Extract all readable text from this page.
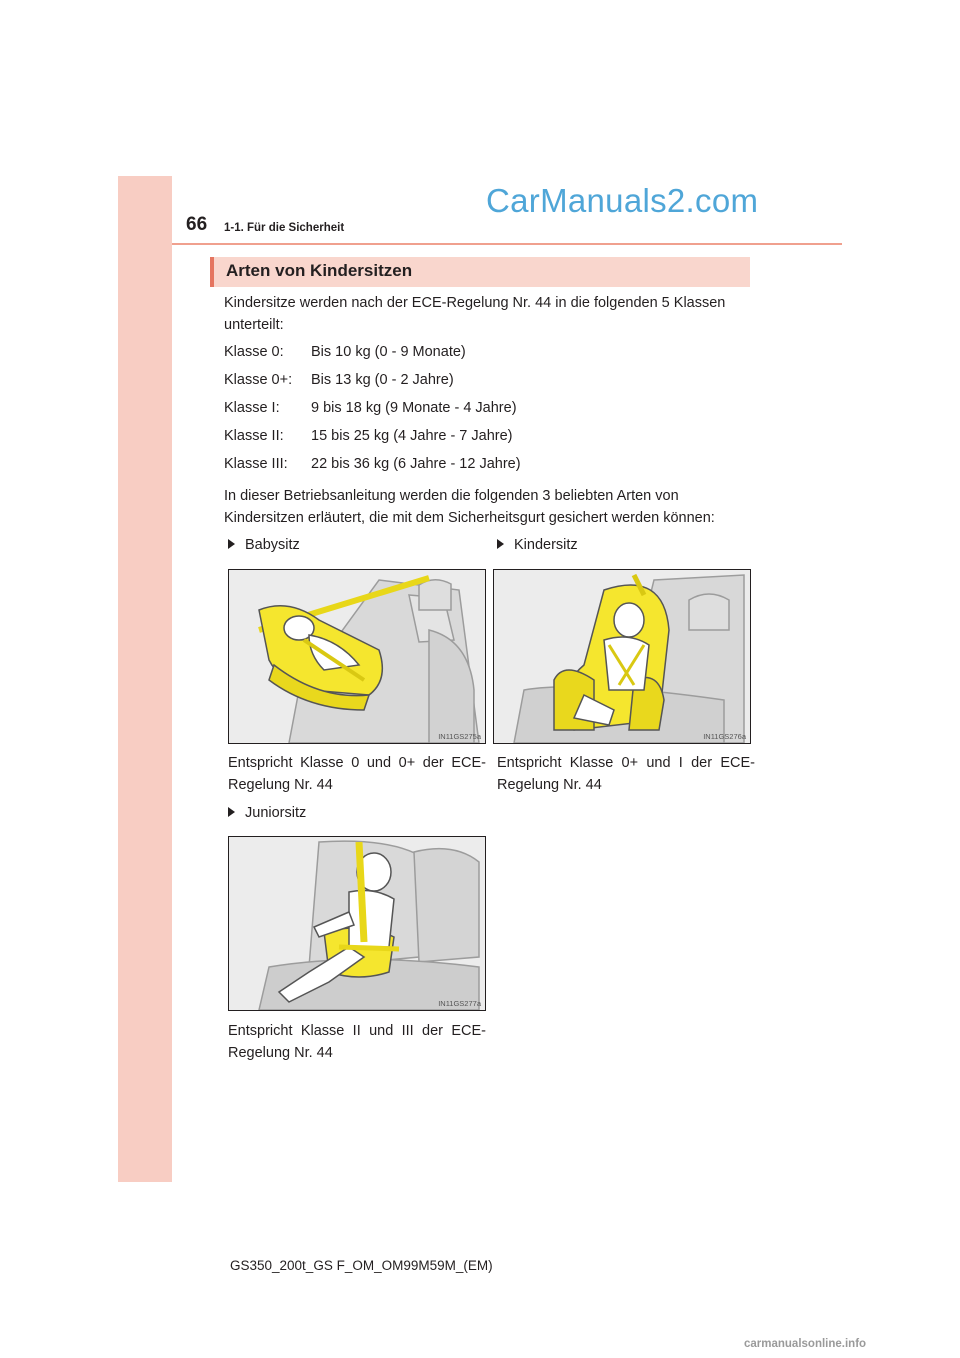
66 1-1. Für die Sicherheit
CarManuals2.com
Arten von Kindersitzen
Kindersitze werden nach der ECE-Regelung Nr. 44 in die folgenden 5 Klassen unterteilt:
Klasse 0: Bis 10 kg (0 - 9 Monate)
Klasse 0+: Bis 13 kg (0 - 2 Jahre)
Klasse I: 9 bis 18 kg (9 Monate - 4 Jahre)
Klasse II: 15 bis 25 kg (4 Jahre - 7 Jahre)
Klasse III: 22 bis 36 kg (6 Jahre - 12 Jahre)
In dieser Betriebsanleitung werden die folgenden 3 beliebten Arten von Kindersitzen erläutert, die mit dem Sicherheitsgurt gesichert werden können:
Babysitz
IN11GS275a
Entspricht Klasse 0 und 0+ der ECE-Regelung Nr. 44
Kindersitz
IN11GS276a
Entspricht Klasse 0+ und I der ECE-Regelung Nr. 44
Juniorsitz
IN11GS277a
Entspricht Klasse II und III der ECE-Regelung Nr. 44
GS350_200t_GS F_OM_OM99M59M_(EM)
carmanualsonline.info
